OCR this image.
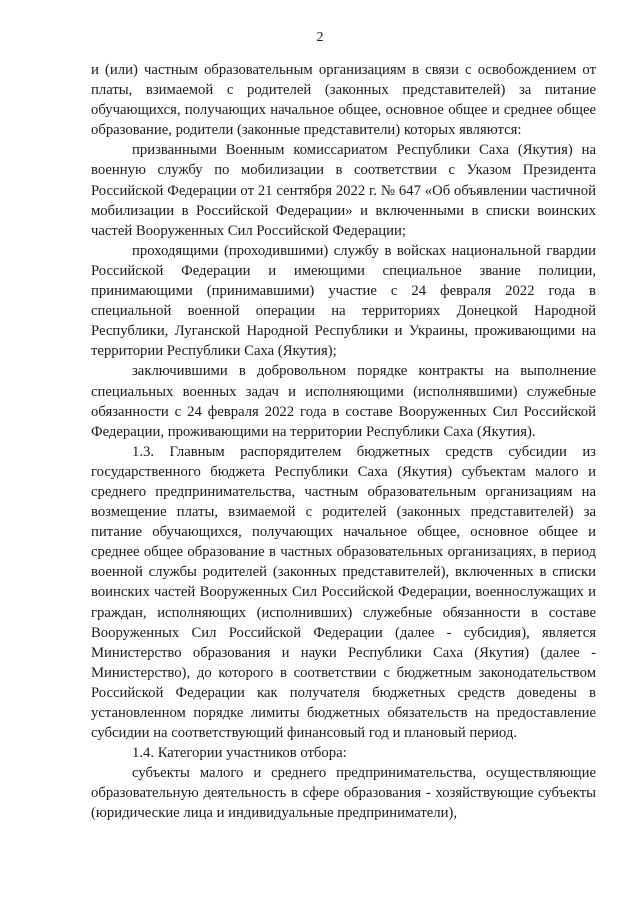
2

и (или) частным образовательным организациям в связи с освобождением от платы, взимаемой с родителей (законных представителей) за питание обучающихся, получающих начальное общее, основное общее и среднее общее образование, родители (законные представители) которых являются:

призванными Военным комиссариатом Республики Саха (Якутия) на военную службу по мобилизации в соответствии с Указом Президента Российской Федерации от 21 сентября 2022 г. № 647 «Об объявлении частичной мобилизации в Российской Федерации» и включенными в списки воинских частей Вооруженных Сил Российской Федерации;

проходящими (проходившими) службу в войсках национальной гвардии Российской Федерации и имеющими специальное звание полиции, принимающими (принимавшими) участие с 24 февраля 2022 года в специальной военной операции на территориях Донецкой Народной Республики, Луганской Народной Республики и Украины, проживающими на территории Республики Саха (Якутия);

заключившими в добровольном порядке контракты на выполнение специальных военных задач и исполняющими (исполнявшими) служебные обязанности с 24 февраля 2022 года в составе Вооруженных Сил Российской Федерации, проживающими на территории Республики Саха (Якутия).

1.3. Главным распорядителем бюджетных средств субсидии из государственного бюджета Республики Саха (Якутия) субъектам малого и среднего предпринимательства, частным образовательным организациям на возмещение платы, взимаемой с родителей (законных представителей) за питание обучающихся, получающих начальное общее, основное общее и среднее общее образование в частных образовательных организациях, в период военной службы родителей (законных представителей), включенных в списки воинских частей Вооруженных Сил Российской Федерации, военнослужащих и граждан, исполняющих (исполнивших) служебные обязанности в составе Вооруженных Сил Российской Федерации (далее - субсидия), является Министерство образования и науки Республики Саха (Якутия) (далее - Министерство), до которого в соответствии с бюджетным законодательством Российской Федерации как получателя бюджетных средств доведены в установленном порядке лимиты бюджетных обязательств на предоставление субсидии на соответствующий финансовый год и плановый период.

1.4. Категории участников отбора:

субъекты малого и среднего предпринимательства, осуществляющие образовательную деятельность в сфере образования - хозяйствующие субъекты (юридические лица и индивидуальные предприниматели),
